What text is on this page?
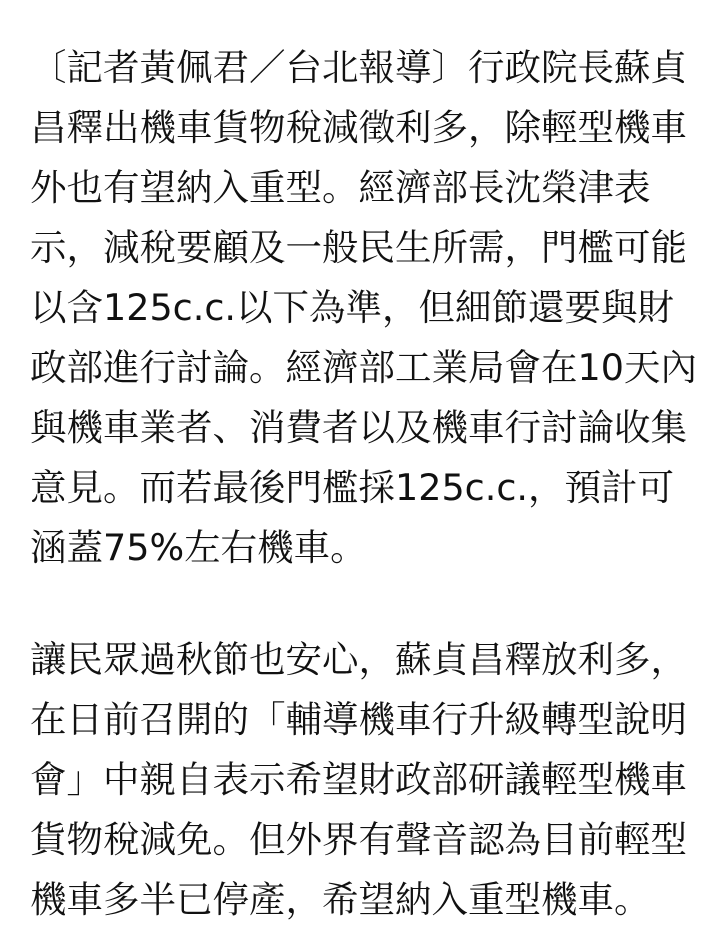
〔記者黃佩君／台北報導〕行政院長蘇貞
昌釋出機車貨物稅減徵利多，除輕型機車
外也有望納入重型。經濟部長沈榮津表
示，減稅要顧及一般民生所需，門檻可能
以含125c.c.以下為準，但細節還要與財
政部進行討論。經濟部工業局會在10天內
與機車業者、消費者以及機車行討論收集
意見。而若最後門檻採125c.c.，預計可
涵蓋75%左右機車。
讓民眾過秋節也安心，蘇貞昌釋放利多，
在日前召開的「輔導機車行升級轉型說明
會」中親自表示希望財政部研議輕型機車
貨物稅減免。但外界有聲音認為目前輕型
機車多半已停產，希望納入重型機車。
